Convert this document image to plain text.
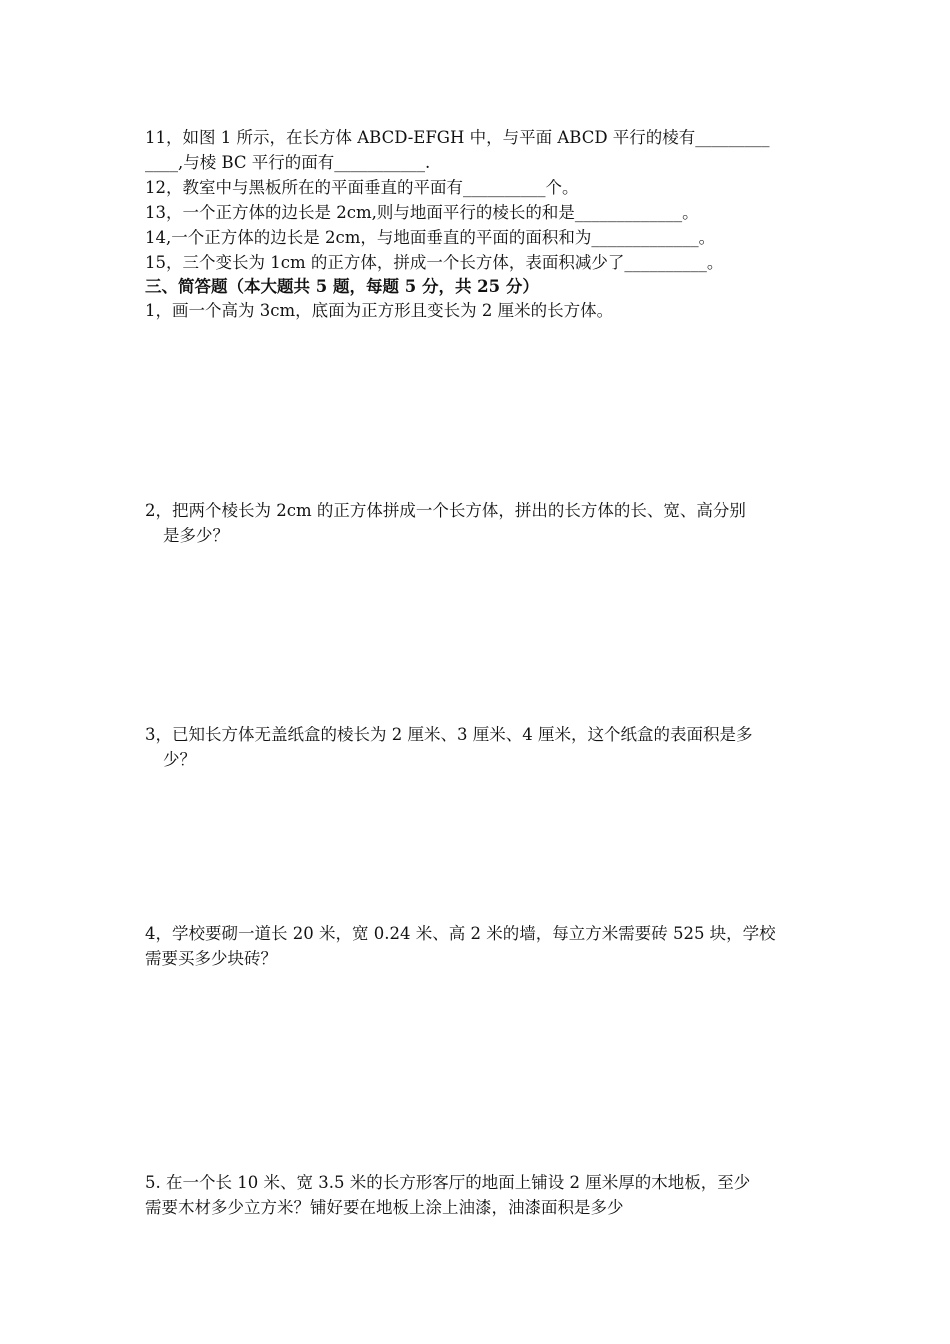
11，如图 1 所示，在长方体 ABCD-EFGH 中，与平面 ABCD 平行的棱有_________
____,与棱 BC 平行的面有___________.
12，教室中与黑板所在的平面垂直的平面有__________个。
13，一个正方体的边长是 2cm,则与地面平行的棱长的和是_____________。
14,一个正方体的边长是 2cm，与地面垂直的平面的面积和为_____________。
15，三个变长为 1cm 的正方体，拼成一个长方体，表面积减少了__________。
三、简答题（本大题共 5 题，每题 5 分，共 25 分）
1，画一个高为 3cm，底面为正方形且变长为 2 厘米的长方体。
2，把两个棱长为 2cm 的正方体拼成一个长方体，拼出的长方体的长、宽、高分别
是多少？
3，已知长方体无盖纸盒的棱长为 2 厘米、3 厘米、4 厘米，这个纸盒的表面积是多
少？
4，学校要砌一道长 20 米，宽 0.24 米、高 2 米的墙，每立方米需要砖 525 块，学校
需要买多少块砖？
5. 在一个长 10 米、宽 3.5 米的长方形客厅的地面上铺设 2 厘米厚的木地板，至少
需要木材多少立方米？铺好要在地板上涂上油漆，油漆面积是多少
